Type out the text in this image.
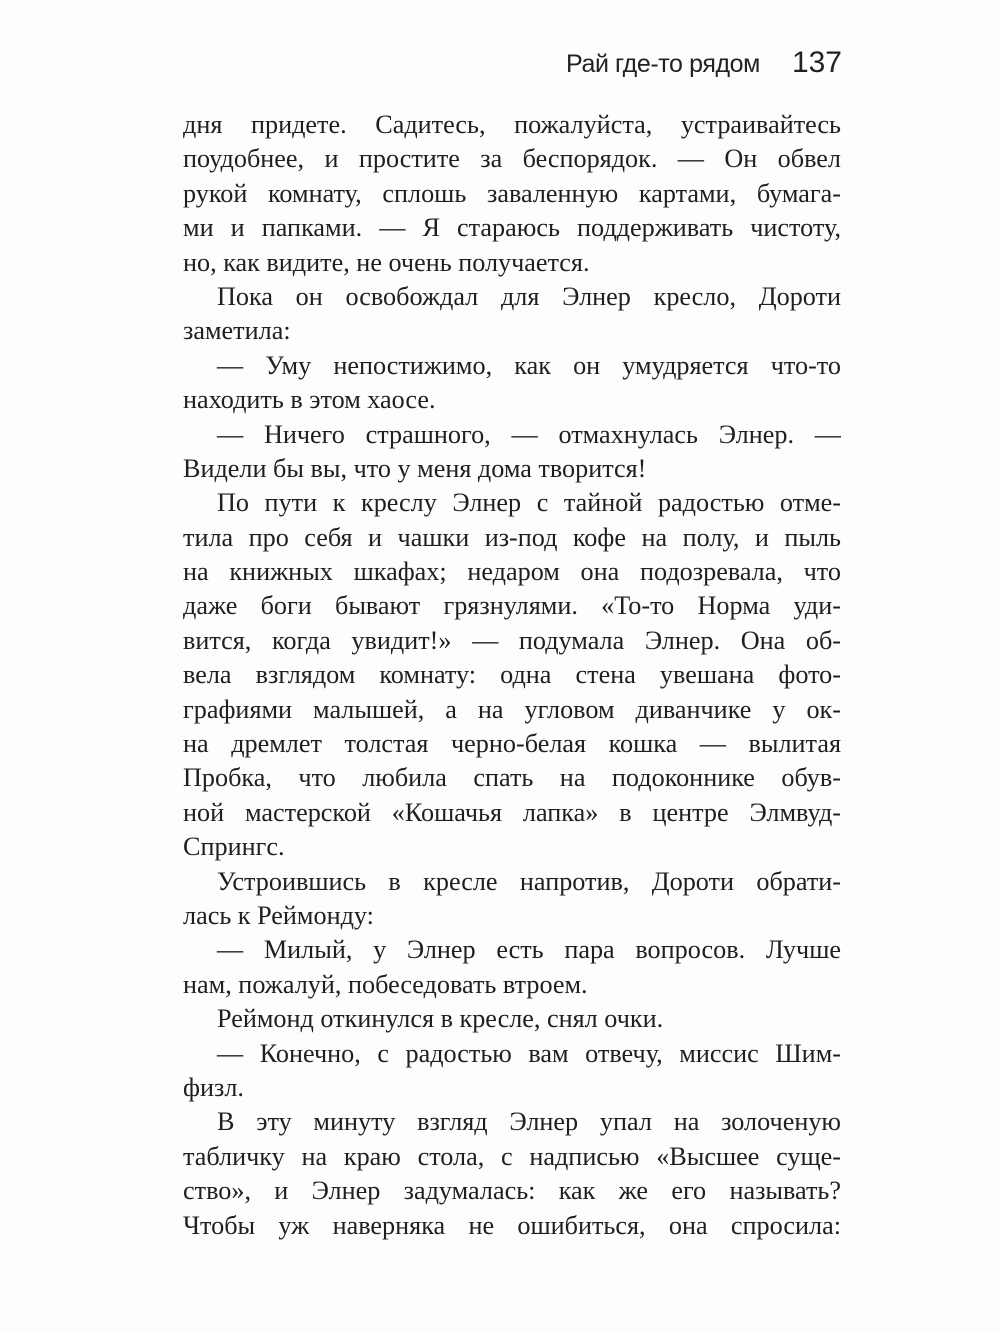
Рай где-то рядом 137

дня придете. Садитесь, пожалуйста, устраивайтесь
поудобнее, и простите за беспорядок. — Он обвел
рукой комнату, сплошь заваленную картами, бумага-
ми и папками. — Я стараюсь поддерживать чистоту,
но, как видите, не очень получается.

Пока он освобождал для Элнер кресло, Дороти
заметила:

— Уму непостижимо, как он умудряется что-то
находить в этом хаосе.

— Ничего страшного, — отмахнулась Элнер. —
Видели бы вы, что у меня дома творится!

По пути к креслу Элнер с тайной радостью отме-
тила про себя и чашки из-под кофе на полу, и пыль
на книжных шкафах; недаром она подозревала, что
даже боги бывают грязнулями. «То-то Норма уди-
вится, когда увидит!» — подумала Элнер. Она об-
вела взглядом комнату: одна стена увешана фото-
графиями малышей, а на угловом диванчике у ок-
на дремлет толстая черно-белая кошка — вылитая
Пробка, что любила спать на подоконнике обув-
ной мастерской «Кошачья лапка» в центре Элмвуд-
Спрингс.

Устроившись в кресле напротив, Дороти обрати-
лась к Реймонду:

— Милый, у Элнер есть пара вопросов. Лучше
нам, пожалуй, побеседовать втроем.

Реймонд откинулся в кресле, снял очки.

— Конечно, с радостью вам отвечу, миссис Шим-
физл.

В эту минуту взгляд Элнер упал на золоченую
табличку на краю стола, с надписью «Высшее суще-
ство», и Элнер задумалась: как же его называть?
Чтобы уж наверняка не ошибиться, она спросила:
